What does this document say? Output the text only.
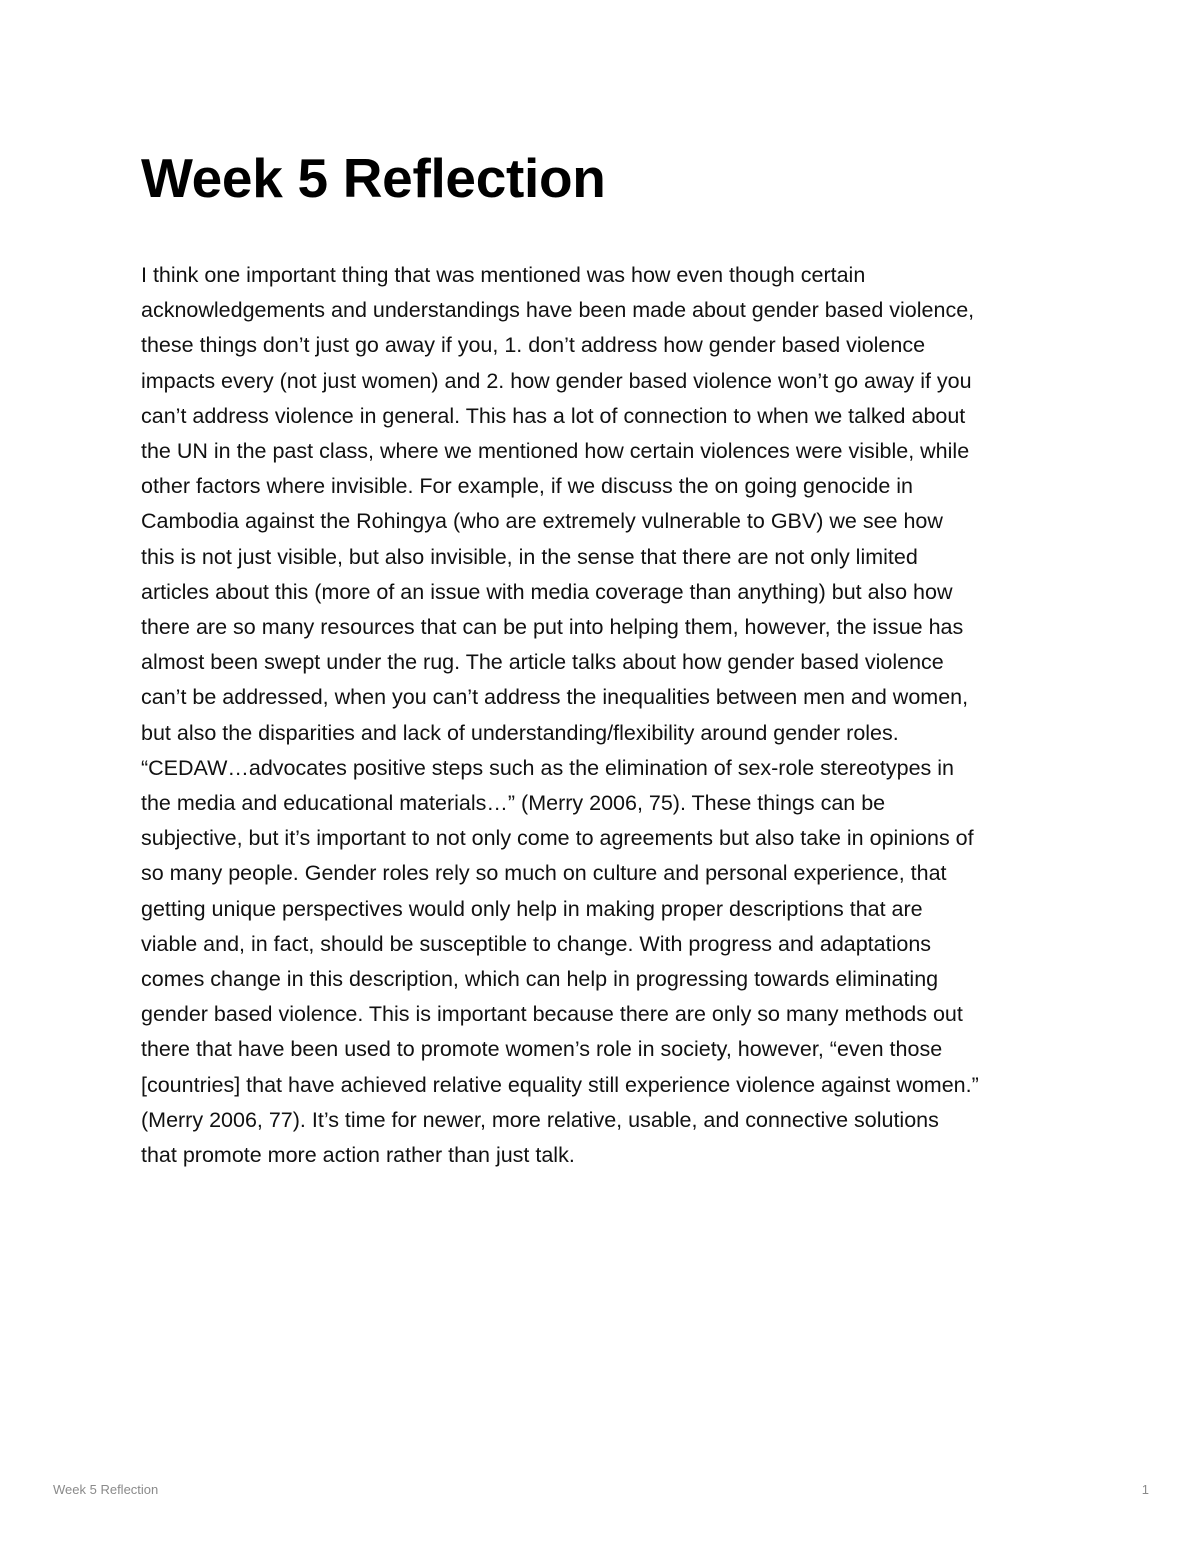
Week 5 Reflection
I think one important thing that was mentioned was how even though certain
acknowledgements and understandings have been made about gender based violence,
these things don’t just go away if you, 1. don’t address how gender based violence
impacts every (not just women) and 2. how gender based violence won’t go away if you
can’t address violence in general. This has a lot of connection to when we talked about
the UN in the past class, where we mentioned how certain violences were visible, while
other factors where invisible. For example, if we discuss the on going genocide in
Cambodia against the Rohingya (who are extremely vulnerable to GBV) we see how
this is not just visible, but also invisible, in the sense that there are not only limited
articles about this (more of an issue with media coverage than anything) but also how
there are so many resources that can be put into helping them, however, the issue has
almost been swept under the rug. The article talks about how gender based violence
can’t be addressed, when you can’t address the inequalities between men and women,
but also the disparities and lack of understanding/flexibility around gender roles.
“CEDAW…advocates positive steps such as the elimination of sex-role stereotypes in
the media and educational materials…” (Merry 2006, 75). These things can be
subjective, but it’s important to not only come to agreements but also take in opinions of
so many people. Gender roles rely so much on culture and personal experience, that
getting unique perspectives would only help in making proper descriptions that are
viable and, in fact, should be susceptible to change. With progress and adaptations
comes change in this description, which can help in progressing towards eliminating
gender based violence. This is important because there are only so many methods out
there that have been used to promote women’s role in society, however, “even those
[countries] that have achieved relative equality still experience violence against women.”
(Merry 2006, 77). It’s time for newer, more relative, usable, and connective solutions
that promote more action rather than just talk.
Week 5 Reflection	1
